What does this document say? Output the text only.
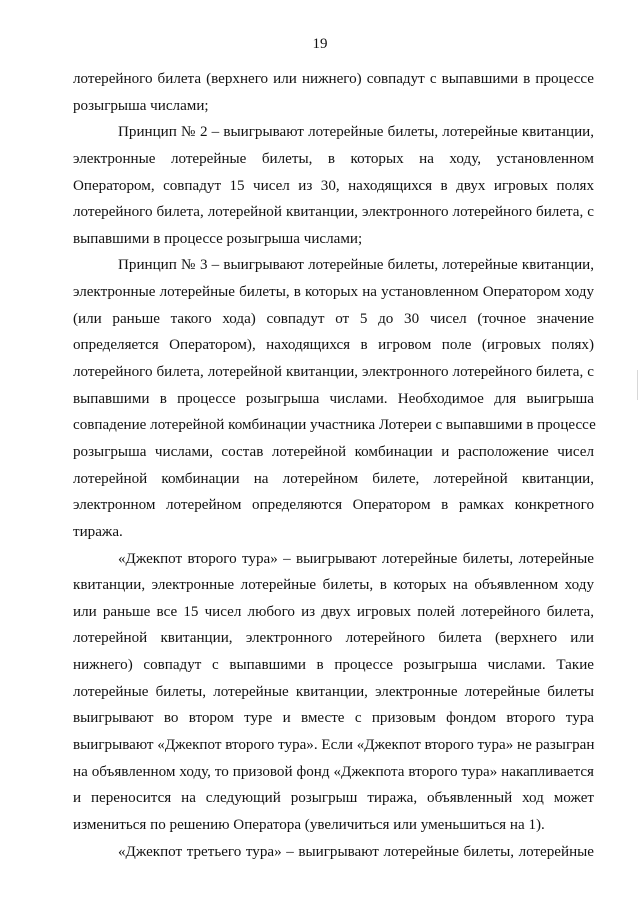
19
лотерейного билета (верхнего или нижнего) совпадут с выпавшими в процессе
розыгрыша числами;
Принцип № 2 – выигрывают лотерейные билеты, лотерейные квитанции,
электронные лотерейные билеты, в которых на ходу, установленном
Оператором, совпадут 15 чисел из 30, находящихся в двух игровых полях
лотерейного билета, лотерейной квитанции, электронного лотерейного билета, с
выпавшими в процессе розыгрыша числами;
Принцип № 3 – выигрывают лотерейные билеты, лотерейные квитанции,
электронные лотерейные билеты, в которых на установленном Оператором ходу
(или раньше такого хода) совпадут от 5 до 30 чисел (точное значение
определяется Оператором), находящихся в игровом поле (игровых полях)
лотерейного билета, лотерейной квитанции, электронного лотерейного билета, с
выпавшими в процессе розыгрыша числами. Необходимое для выигрыша
совпадение лотерейной комбинации участника Лотереи с выпавшими в процессе
розыгрыша числами, состав лотерейной комбинации и расположение чисел
лотерейной комбинации на лотерейном билете, лотерейной квитанции,
электронном лотерейном определяются Оператором в рамках конкретного
тиража.
«Джекпот второго тура» – выигрывают лотерейные билеты, лотерейные
квитанции, электронные лотерейные билеты, в которых на объявленном ходу
или раньше все 15 чисел любого из двух игровых полей лотерейного билета,
лотерейной квитанции, электронного лотерейного билета (верхнего или
нижнего) совпадут с выпавшими в процессе розыгрыша числами. Такие
лотерейные билеты, лотерейные квитанции, электронные лотерейные билеты
выигрывают во втором туре и вместе с призовым фондом второго тура
выигрывают «Джекпот второго тура». Если «Джекпот второго тура» не разыгран
на объявленном ходу, то призовой фонд «Джекпота второго тура» накапливается
и переносится на следующий розыгрыш тиража, объявленный ход может
измениться по решению Оператора (увеличиться или уменьшиться на 1).
«Джекпот третьего тура» – выигрывают лотерейные билеты, лотерейные
